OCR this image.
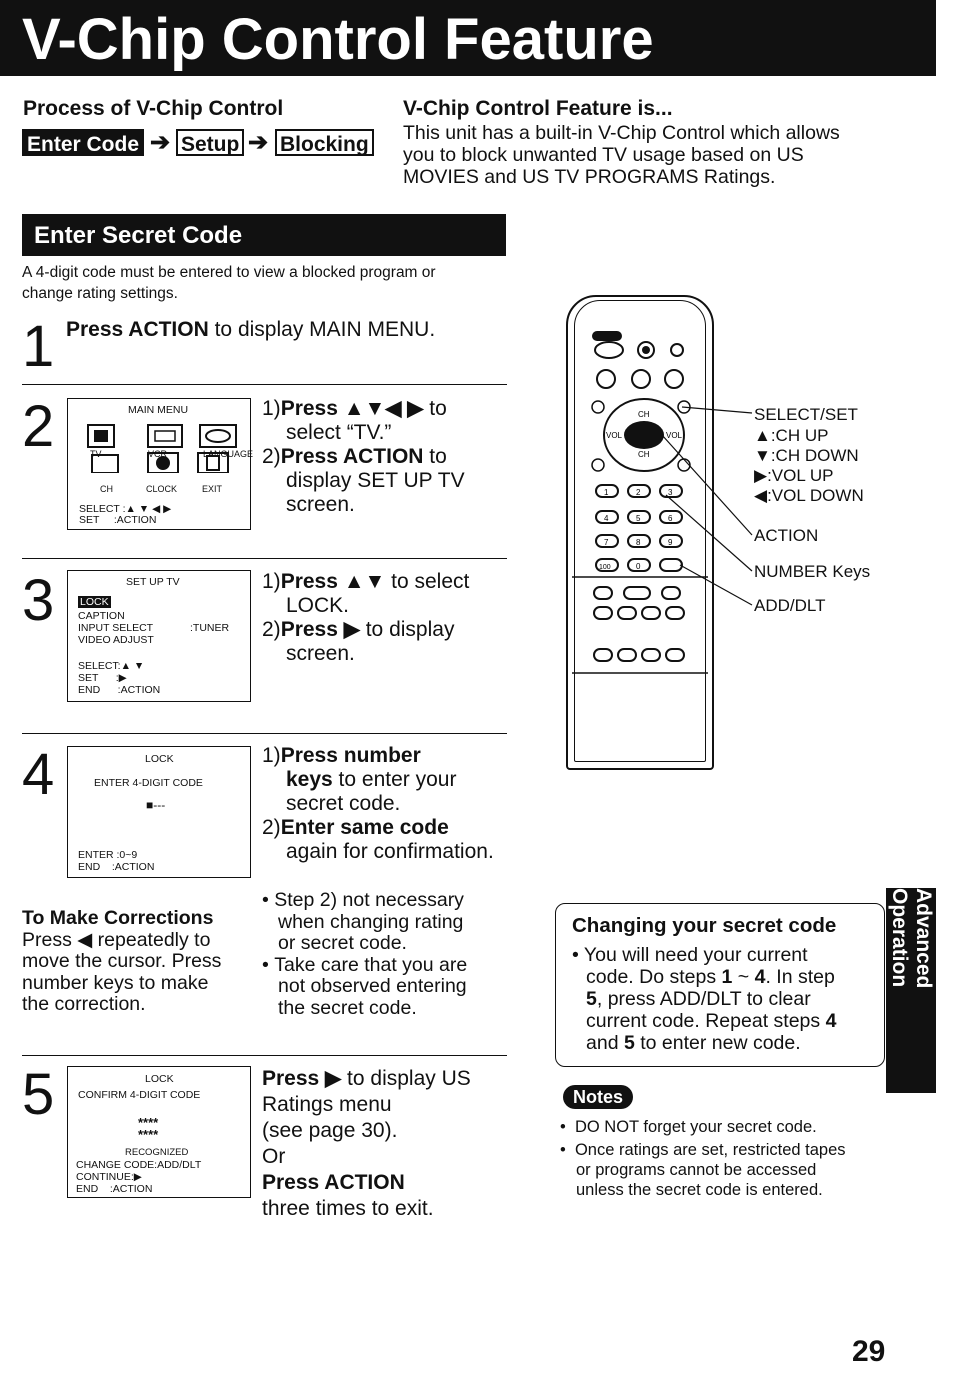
V-Chip Control Feature
Process of V-Chip Control
Enter Code ➔ Setup ➔ Blocking
V-Chip Control Feature is...
This unit has a built-in V-Chip Control which allows
you to block unwanted TV usage based on US
MOVIES and US TV PROGRAMS Ratings.
Enter Secret Code
A 4-digit code must be entered to view a blocked program or
change rating settings.
1 Press ACTION to display MAIN MENU.
2	MAIN MENU
TV	VCR	LANGUAGE
CH	CLOCK	EXIT
SELECT :▲ ▼ ◀ ▶
SET     :ACTION
1)Press ▲▼◀ ▶ to
select “TV.”
2)Press ACTION to
display SET UP TV
screen.
3	SET UP TV
LOCK
CAPTION
INPUT SELECT	:TUNER
VIDEO ADJUST
SELECT:▲ ▼
SET      :▶
END      :ACTION
1)Press ▲▼ to select
LOCK.
2)Press ▶ to display
screen.
4	LOCK
ENTER 4-DIGIT CODE
■---
ENTER :0~9
END    :ACTION
1)Press number
keys to enter your
secret code.
2)Enter same code
again for confirmation.
To Make Corrections
Press ◀ repeatedly to
move the cursor. Press
number keys to make
the correction.
• Step 2) not necessary
when changing rating
or secret code.
• Take care that you are
not observed entering
the secret code.
5	LOCK
CONFIRM 4-DIGIT CODE
****
****
RECOGNIZED
CHANGE CODE:ADD/DLT
CONTINUE:▶
END    :ACTION
Press ▶ to display US
Ratings menu
(see page 30).
Or
Press ACTION
three times to exit.
CH
CH
VOL	VOL
1	2	3
4	5	6
7	8	9
100	0
SELECT/SET
▲:CH UP
▼:CH DOWN
▶:VOL UP
◀:VOL DOWN
ACTION
NUMBER Keys
ADD/DLT
Changing your secret code
• You will need your current
code. Do steps 1 ~ 4. In step
5, press ADD/DLT to clear
current code. Repeat steps 4
and 5 to enter new code.
Advanced Operation
Notes
•  DO NOT forget your secret code.
•  Once ratings are set, restricted tapes
or programs cannot be accessed
unless the secret code is entered.
29
